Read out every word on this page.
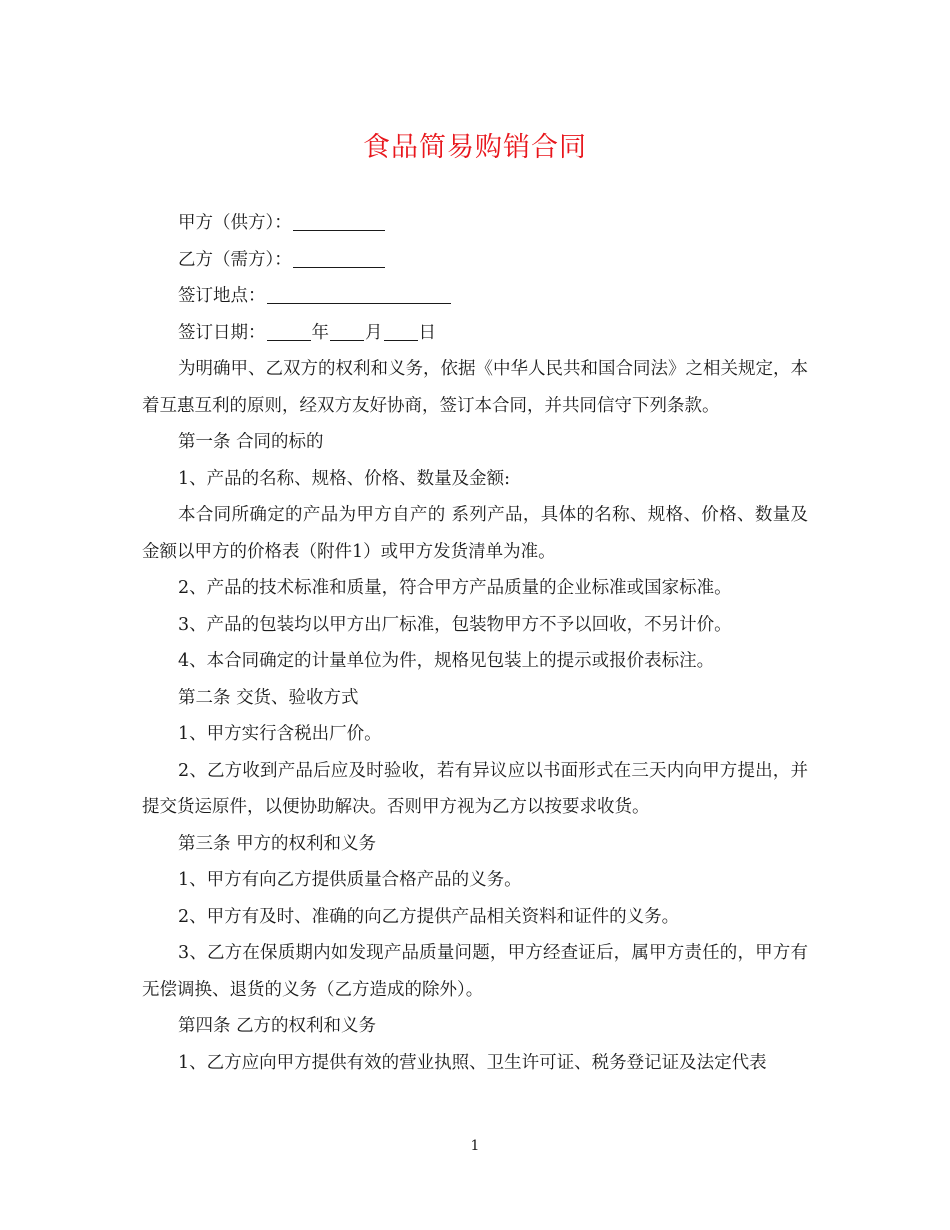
食品简易购销合同

甲方（供方）：

乙方（需方）：

签订地点：

签订日期：	年 月 日

为明确甲、乙双方的权利和义务，依据《中华人民共和国合同法》之相关规定，本着互惠互利的原则，经双方友好协商，签订本合同，并共同信守下列条款。

第一条 合同的标的

1、产品的名称、规格、价格、数量及金额:

本合同所确定的产品为甲方自产的 系列产品，具体的名称、规格、价格、数量及金额以甲方的价格表（附件1）或甲方发货清单为准。

2、产品的技术标准和质量，符合甲方产品质量的企业标准或国家标准。

3、产品的包装均以甲方出厂标准，包装物甲方不予以回收，不另计价。

4、本合同确定的计量单位为件，规格见包装上的提示或报价表标注。

第二条 交货、验收方式

1、甲方实行含税出厂价。

2、乙方收到产品后应及时验收，若有异议应以书面形式在三天内向甲方提出，并提交货运原件，以便协助解决。否则甲方视为乙方以按要求收货。

第三条 甲方的权利和义务

1、甲方有向乙方提供质量合格产品的义务。

2、甲方有及时、准确的向乙方提供产品相关资料和证件的义务。

3、乙方在保质期内如发现产品质量问题，甲方经查证后，属甲方责任的，甲方有无偿调换、退货的义务（乙方造成的除外）。

第四条 乙方的权利和义务

1、乙方应向甲方提供有效的营业执照、卫生许可证、税务登记证及法定代表

1
